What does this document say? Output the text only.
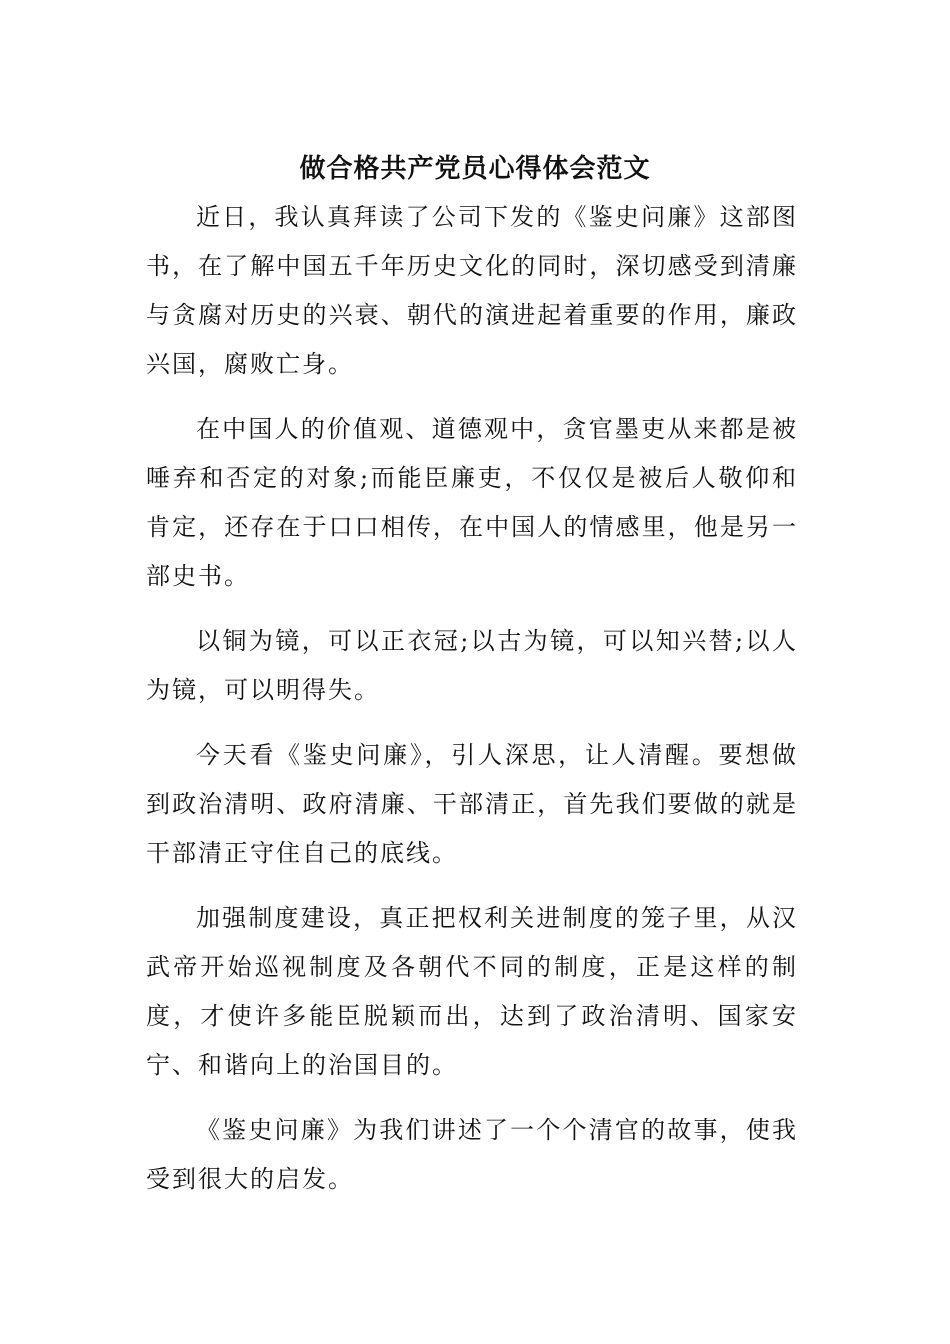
做合格共产党员心得体会范文

近日，我认真拜读了公司下发的《鉴史问廉》这部图书，在了解中国五千年历史文化的同时，深切感受到清廉与贪腐对历史的兴衰、朝代的演进起着重要的作用，廉政兴国，腐败亡身。

在中国人的价值观、道德观中，贪官墨吏从来都是被唾弃和否定的对象;而能臣廉吏，不仅仅是被后人敬仰和肯定，还存在于口口相传，在中国人的情感里，他是另一部史书。

以铜为镜，可以正衣冠;以古为镜，可以知兴替;以人为镜，可以明得失。

今天看《鉴史问廉》，引人深思，让人清醒。要想做到政治清明、政府清廉、干部清正，首先我们要做的就是干部清正守住自己的底线。

加强制度建设，真正把权利关进制度的笼子里，从汉武帝开始巡视制度及各朝代不同的制度，正是这样的制度，才使许多能臣脱颖而出，达到了政治清明、国家安宁、和谐向上的治国目的。

《鉴史问廉》为我们讲述了一个个清官的故事，使我受到很大的启发。
